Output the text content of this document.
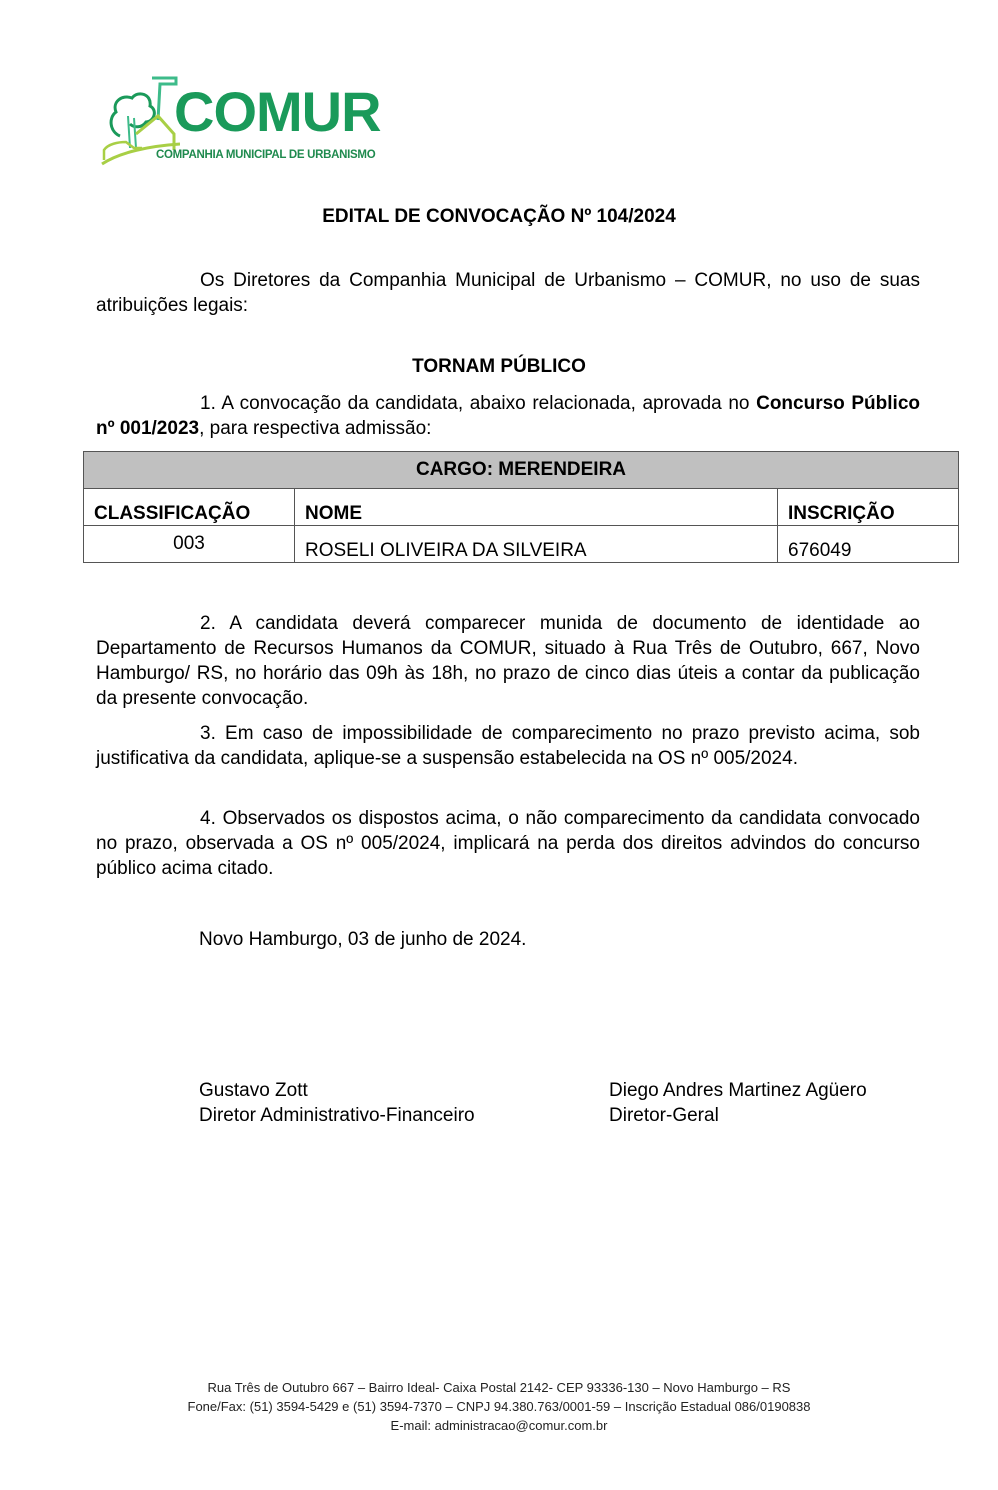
COMUR
COMPANHIA MUNICIPAL DE URBANISMO
EDITAL DE CONVOCAÇÃO Nº 104/2024
Os Diretores da Companhia Municipal de Urbanismo – COMUR, no uso de suas atribuições legais:
TORNAM PÚBLICO
1. A convocação da candidata, abaixo relacionada, aprovada no Concurso Público nº 001/2023, para respectiva admissão:
CARGO: MERENDEIRA		
CLASSIFICAÇÃO	NOME	INSCRIÇÃO
003	ROSELI OLIVEIRA DA SILVEIRA	676049
2. A candidata deverá comparecer munida de documento de identidade ao Departamento de Recursos Humanos da COMUR, situado à Rua Três de Outubro, 667, Novo Hamburgo/ RS, no horário das 09h às 18h, no prazo de cinco dias úteis a contar da publicação da presente convocação.
3. Em caso de impossibilidade de comparecimento no prazo previsto acima, sob justificativa da candidata, aplique-se a suspensão estabelecida na OS nº 005/2024.
4. Observados os dispostos acima, o não comparecimento da candidata convocado no prazo, observada a OS nº 005/2024, implicará na perda dos direitos advindos do concurso público acima citado.
Novo Hamburgo, 03 de junho de 2024.
Gustavo Zott
Diretor Administrativo-Financeiro
Diego Andres Martinez Agüero
Diretor-Geral
Rua Três de Outubro 667 – Bairro Ideal- Caixa Postal 2142- CEP 93336-130 – Novo Hamburgo – RS
Fone/Fax: (51) 3594-5429 e (51) 3594-7370 – CNPJ 94.380.763/0001-59 – Inscrição Estadual 086/0190838
E-mail: administracao@comur.com.br
